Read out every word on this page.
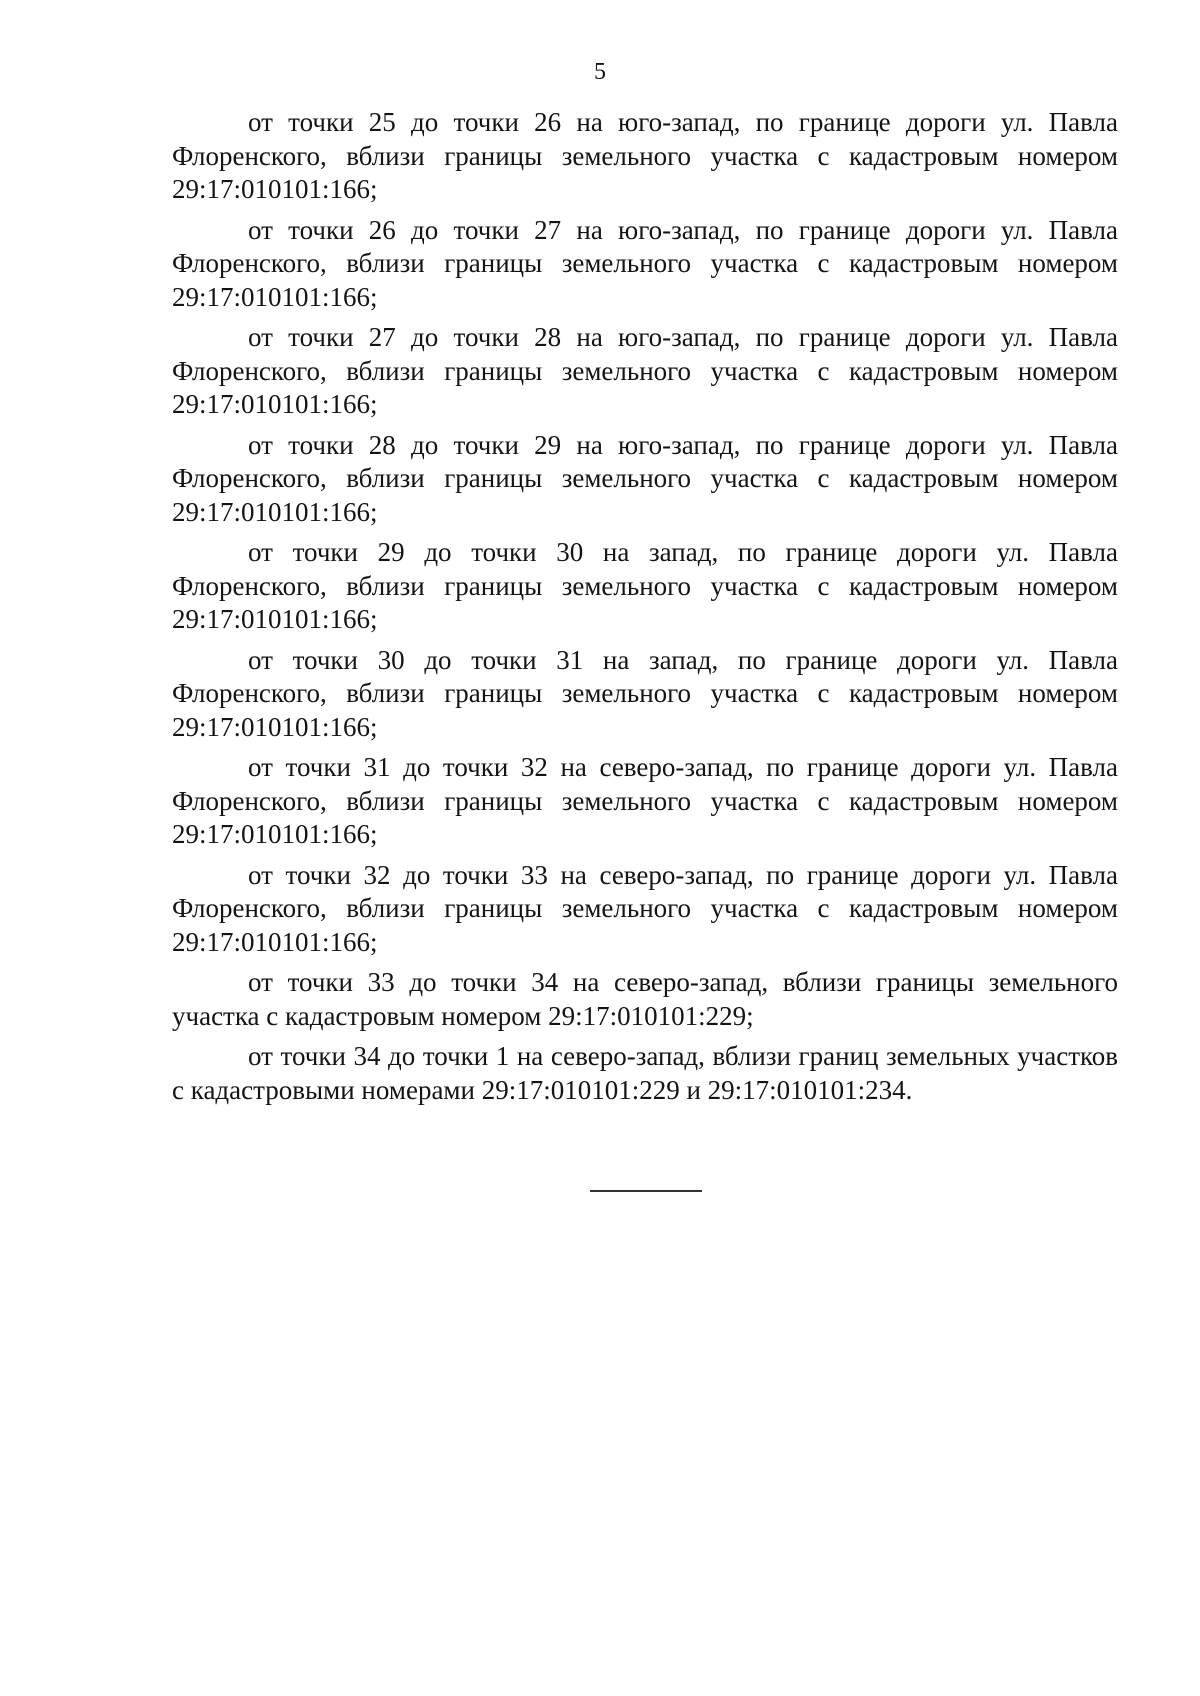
5

от точки 25 до точки 26 на юго-запад, по границе дороги ул. Павла Флоренского, вблизи границы земельного участка с кадастровым номером 29:17:010101:166;

от точки 26 до точки 27 на юго-запад, по границе дороги ул. Павла Флоренского, вблизи границы земельного участка с кадастровым номером 29:17:010101:166;

от точки 27 до точки 28 на юго-запад, по границе дороги ул. Павла Флоренского, вблизи границы земельного участка с кадастровым номером 29:17:010101:166;

от точки 28 до точки 29 на юго-запад, по границе дороги ул. Павла Флоренского, вблизи границы земельного участка с кадастровым номером 29:17:010101:166;

от точки 29 до точки 30 на запад, по границе дороги ул. Павла Флоренского, вблизи границы земельного участка с кадастровым номером 29:17:010101:166;

от точки 30 до точки 31 на запад, по границе дороги ул. Павла Флоренского, вблизи границы земельного участка с кадастровым номером 29:17:010101:166;

от точки 31 до точки 32 на северо-запад, по границе дороги ул. Павла Флоренского, вблизи границы земельного участка с кадастровым номером 29:17:010101:166;

от точки 32 до точки 33 на северо-запад, по границе дороги ул. Павла Флоренского, вблизи границы земельного участка с кадастровым номером 29:17:010101:166;

от точки 33 до точки 34 на северо-запад, вблизи границы земельного участка с кадастровым номером 29:17:010101:229;

от точки 34 до точки 1 на северо-запад, вблизи границ земельных участков с кадастровыми номерами 29:17:010101:229 и 29:17:010101:234.
